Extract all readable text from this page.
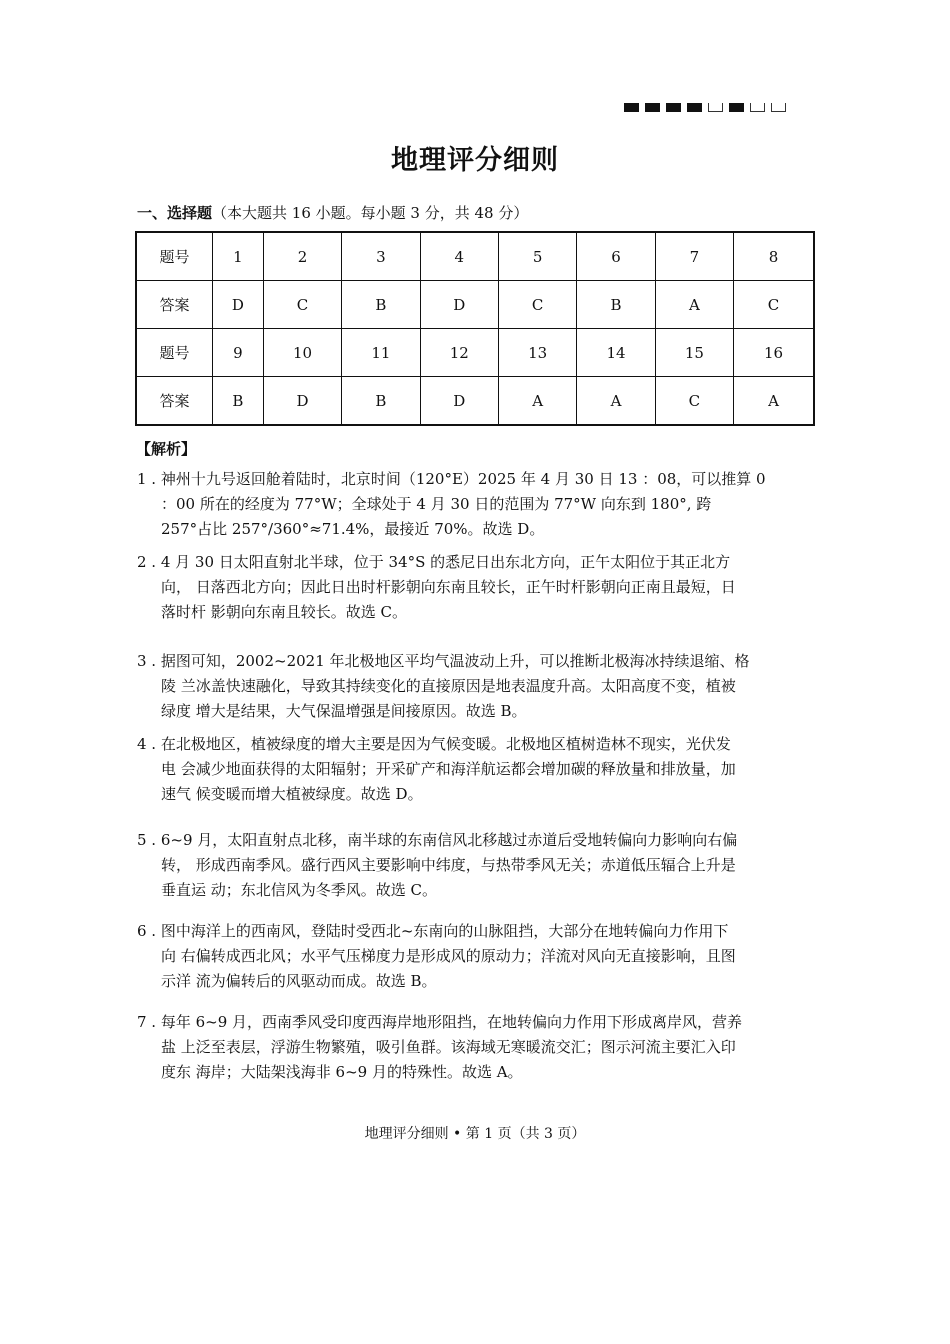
地理评分细则
一、选择题（本大题共 16 小题。每小题 3 分，共 48 分）
题号	1	2	3	4	5	6	7	8
答案	D	C	B	D	C	B	A	C
题号	9	10	11	12	13	14	15	16
答案	B	D	B	D	A	A	C	A
【解析】
1 . 神州十九号返回舱着陆时，北京时间（120°E）2025 年 4 月 30 日 13 ：08，可以推算 0
：00 所在的经度为 77°W；全球处于 4 月 30 日的范围为 77°W 向东到 180°, 跨
257°占比 257°/360°≈71.4%，最接近 70%。故选 D。
2 . 4 月 30 日太阳直射北半球，位于 34°S 的悉尼日出东北方向，正午太阳位于其正北方
向， 日落西北方向；因此日出时杆影朝向东南且较长，正午时杆影朝向正南且最短，日
落时杆 影朝向东南且较长。故选 C。
3 . 据图可知，2002~2021 年北极地区平均气温波动上升，可以推断北极海冰持续退缩、格
陵 兰冰盖快速融化，导致其持续变化的直接原因是地表温度升高。太阳高度不变，植被
绿度 增大是结果，大气保温增强是间接原因。故选 B。
4 . 在北极地区，植被绿度的增大主要是因为气候变暖。北极地区植树造林不现实，光伏发
电 会减少地面获得的太阳辐射；开采矿产和海洋航运都会增加碳的释放量和排放量，加
速气 候变暖而增大植被绿度。故选 D。
5 . 6~9 月，太阳直射点北移，南半球的东南信风北移越过赤道后受地转偏向力影响向右偏
转， 形成西南季风。盛行西风主要影响中纬度，与热带季风无关；赤道低压辐合上升是
垂直运 动；东北信风为冬季风。故选 C。
6 . 图中海洋上的西南风，登陆时受西北~东南向的山脉阻挡，大部分在地转偏向力作用下
向 右偏转成西北风；水平气压梯度力是形成风的原动力；洋流对风向无直接影响，且图
示洋 流为偏转后的风驱动而成。故选 B。
7 . 每年 6~9 月，西南季风受印度西海岸地形阻挡，在地转偏向力作用下形成离岸风，营养
盐 上泛至表层，浮游生物繁殖，吸引鱼群。该海域无寒暖流交汇；图示河流主要汇入印
度东 海岸；大陆架浅海非 6~9 月的特殊性。故选 A。
地理评分细则 • 第 1 页（共 3 页）
